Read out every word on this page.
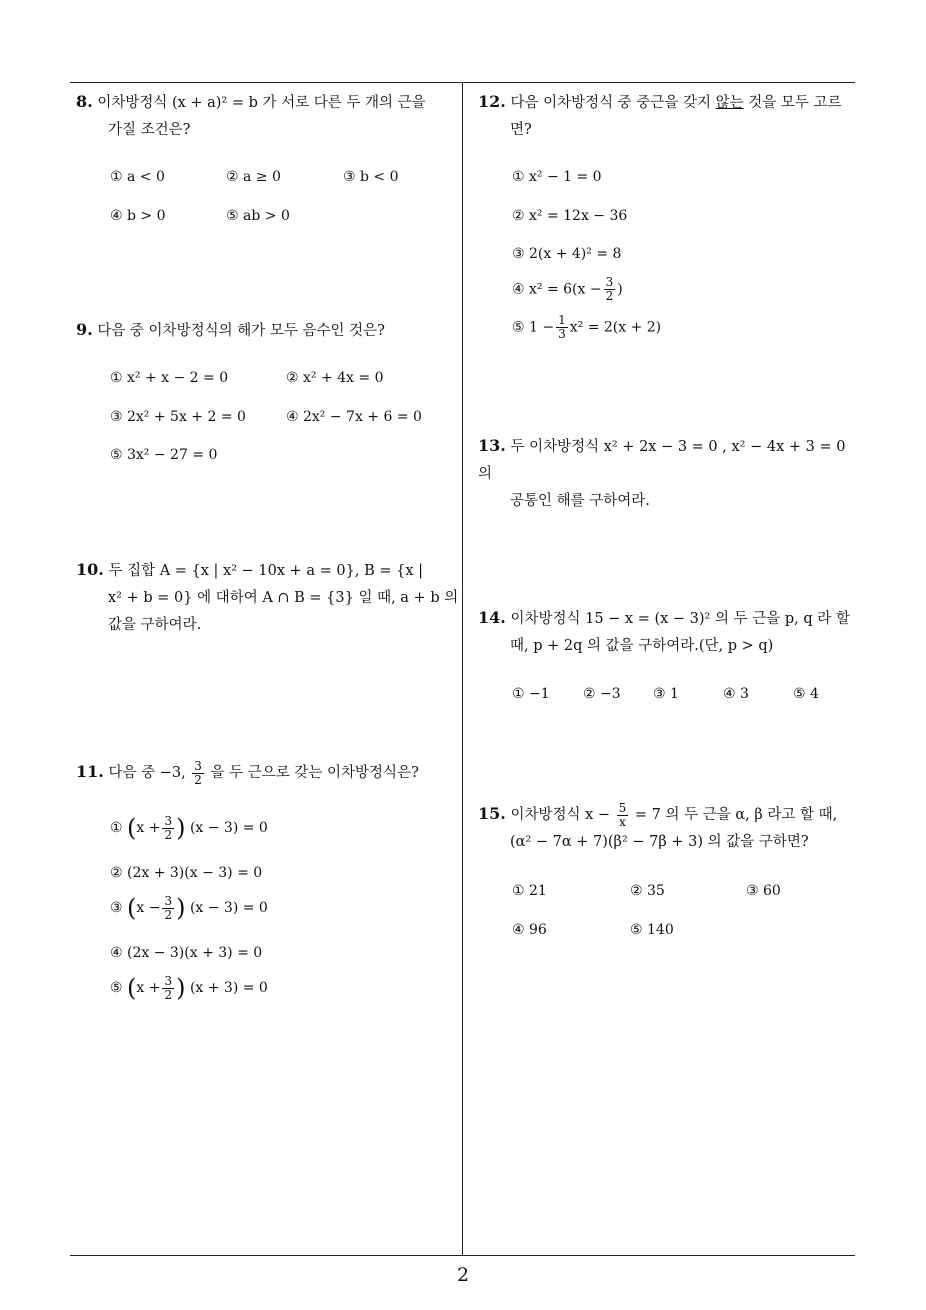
8. 이차방정식 (x + a)² = b 가 서로 다른 두 개의 근을
가질 조건은?
① a < 0	② a ≥ 0	③ b < 0
④ b > 0	⑤ ab > 0
9. 다음 중 이차방정식의 해가 모두 음수인 것은?
① x² + x − 2 = 0	② x² + 4x = 0
③ 2x² + 5x + 2 = 0	④ 2x² − 7x + 6 = 0
⑤ 3x² − 27 = 0
10. 두 집합 A = {x | x² − 10x + a = 0}, B = {x |
x² + b = 0} 에 대하여 A ∩ B = {3} 일 때, a + b 의
값을 구하여라.
11. 다음 중 −3, $\frac{3}{2}$ 을 두 근으로 갖는 이차방정식은?
① ($x + \frac{3}{2}$ ) (x − 3) = 0
② (2x + 3)(x − 3) = 0
③ ($x - \frac{3}{2}$ ) (x − 3) = 0
④ (2x − 3)(x + 3) = 0
⑤ ($x + \frac{3}{2}$ ) (x + 3) = 0
12. 다음 이차방정식 중 중근을 갖지 않는 것을 모두 고르
면?
① x² − 1 = 0
② x² = 12x − 36
③ 2(x + 4)² = 8
④ $x^2 = 6(x - \frac{3}{2}$ )
⑤ $1 - \frac{1}{3} x^2 = 2(x + 2)$
13. 두 이차방정식 x² + 2x − 3 = 0 , x² − 4x + 3 = 0 의
공통인 해를 구하여라.
14. 이차방정식 15 − x = (x − 3)² 의 두 근을 p, q 라 할
때, p + 2q 의 값을 구하여라.(단, p > q)
① −1 ② −3 ③ 1	④ 3	⑤ 4
15. 이차방정식 $x - \frac{5}{x} = 7$ 의 두 근을 α, β 라고 할 때,
(α² − 7α + 7)(β² − 7β + 3) 의 값을 구하면?
① 21	② 35	③ 60
④ 96	⑤ 140
2
